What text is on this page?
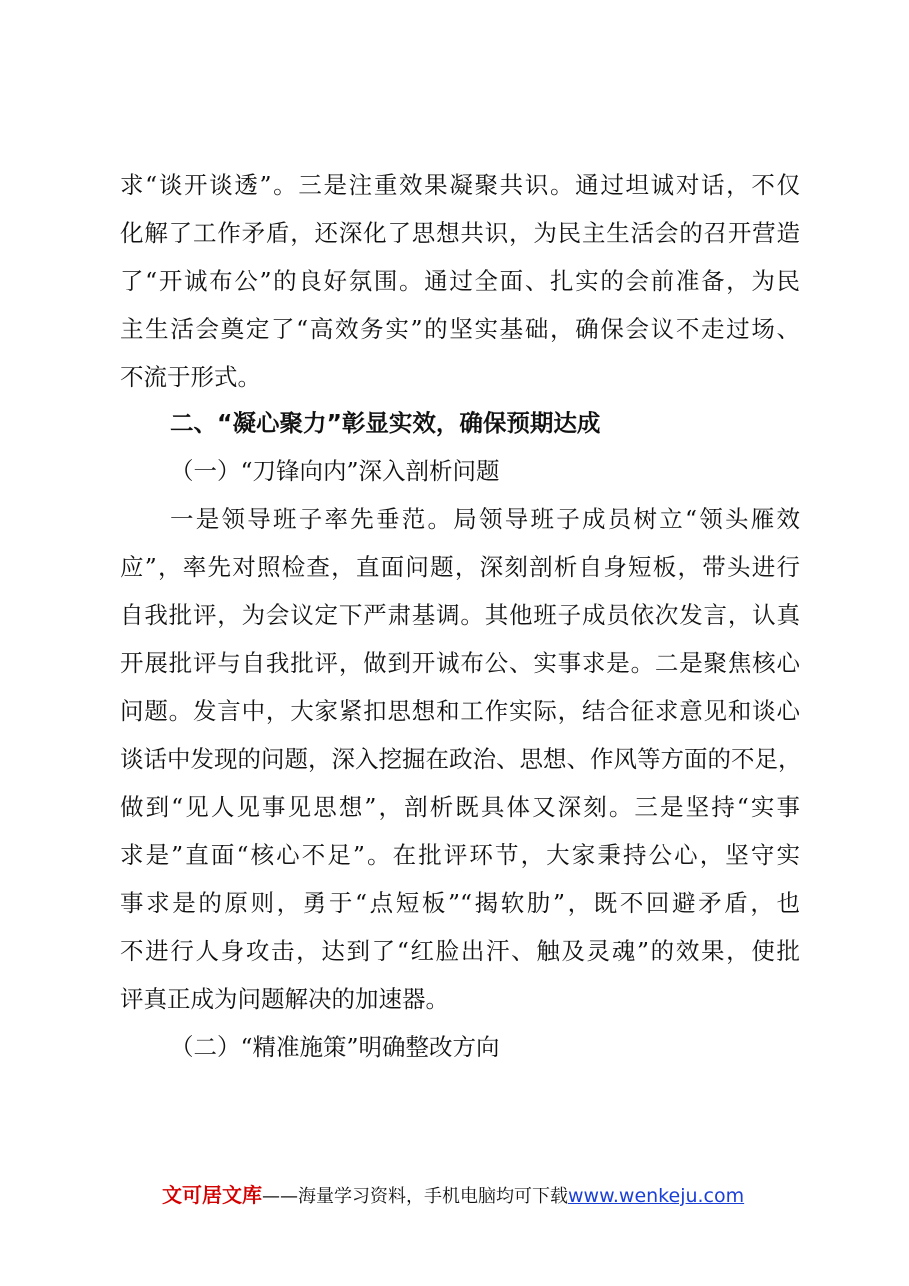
求“谈开谈透”。三是注重效果凝聚共识。通过坦诚对话，不仅
化解了工作矛盾，还深化了思想共识，为民主生活会的召开营造
了“开诚布公”的良好氛围。通过全面、扎实的会前准备，为民
主生活会奠定了“高效务实”的坚实基础，确保会议不走过场、
不流于形式。
二、“凝心聚力”彰显实效，确保预期达成
（一）“刀锋向内”深入剖析问题
一是领导班子率先垂范。局领导班子成员树立“领头雁效
应”，率先对照检查，直面问题，深刻剖析自身短板，带头进行
自我批评，为会议定下严肃基调。其他班子成员依次发言，认真
开展批评与自我批评，做到开诚布公、实事求是。二是聚焦核心
问题。发言中，大家紧扣思想和工作实际，结合征求意见和谈心
谈话中发现的问题，深入挖掘在政治、思想、作风等方面的不足，
做到“见人见事见思想”，剖析既具体又深刻。三是坚持“实事
求是”直面“核心不足”。在批评环节，大家秉持公心，坚守实
事求是的原则，勇于“点短板”“揭软肋”，既不回避矛盾，也
不进行人身攻击，达到了“红脸出汗、触及灵魂”的效果，使批
评真正成为问题解决的加速器。
（二）“精准施策”明确整改方向
文可居文库——海量学习资料，手机电脑均可下载www.wenkeju.com
